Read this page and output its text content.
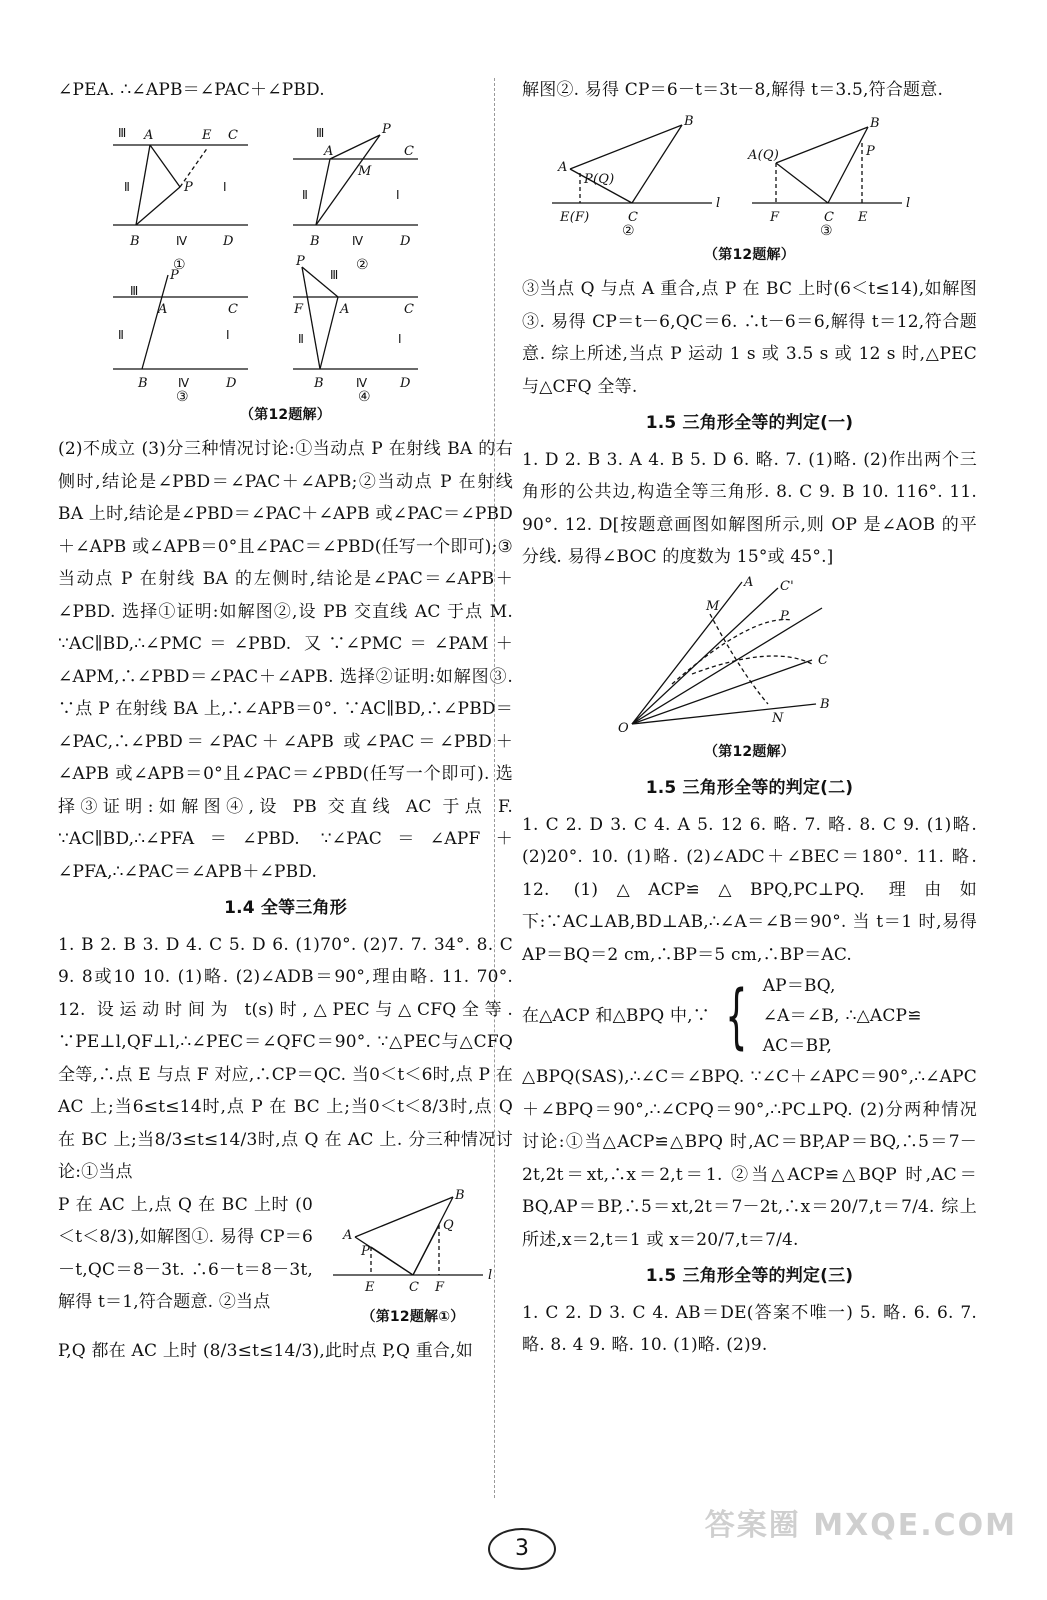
∠PEA. ∴∠APB＝∠PAC＋∠PBD.

Ⅲ A	E C
Ⅱ	P	Ⅰ
B	Ⅳ	D
①
Ⅲ	P
A	C
M
Ⅱ	Ⅰ
B	Ⅳ	D
②
Ⅲ
P
A	C
Ⅱ	Ⅰ
B	Ⅳ	D
P
Ⅲ
F	A	C
Ⅱ	Ⅰ
B	Ⅳ	D
③	④

（第12题解）

(2)不成立 (3)分三种情况讨论:①当动点 P 在射线 BA 的右侧时,结论是∠PBD＝∠PAC＋∠APB;②当动点 P 在射线 BA 上时,结论是∠PBD＝∠PAC＋∠APB 或∠PAC＝∠PBD＋∠APB 或∠APB＝0°且∠PAC＝∠PBD(任写一个即可);③当动点 P 在射线 BA 的左侧时,结论是∠PAC＝∠APB＋∠PBD. 选择①证明:如解图②,设 PB 交直线 AC 于点 M. ∵AC∥BD,∴∠PMC＝∠PBD. 又∵∠PMC＝∠PAM＋∠APM,∴∠PBD＝∠PAC＋∠APB. 选择②证明:如解图③. ∵点 P 在射线 BA 上,∴∠APB＝0°. ∵AC∥BD,∴∠PBD＝∠PAC,∴∠PBD＝∠PAC＋∠APB 或∠PAC＝∠PBD＋∠APB 或∠APB＝0°且∠PAC＝∠PBD(任写一个即可). 选择③证明:如解图④,设 PB 交直线 AC 于点 F. ∵AC∥BD,∴∠PFA＝∠PBD. ∵∠PAC＝∠APF＋∠PFA,∴∠PAC＝∠APB＋∠PBD.

1.4 全等三角形

1. B 2. B 3. D 4. C 5. D 6. (1)70°. (2)7. 7. 34°. 8. C 9. 8或10 10. (1)略. (2)∠ADB＝90°,理由略. 11. 70°. 12. 设运动时间为 t(s)时,△PEC与△CFQ全等. ∵PE⊥l,QF⊥l,∴∠PEC＝∠QFC＝90°. ∵△PEC与△CFQ全等,∴点 E 与点 F 对应,∴CP＝QC. 当0＜t＜6时,点 P 在 AC 上;当6≤t≤14时,点 P 在 BC 上;当0＜t＜8/3时,点 Q 在 BC 上;当8/3≤t≤14/3时,点 Q 在 AC 上. 分三种情况讨论:①当点

P 在 AC 上,点 Q 在 BC 上时 (0＜t＜8/3),如解图①. 易得 CP＝6－t,QC＝8－3t. ∴6－t＝8－3t,解得 t＝1,符合题意. ②当点

A
B
P
Q
E	C F
l

（第12题解①）

P,Q 都在 AC 上时 (8/3≤t≤14/3),此时点 P,Q 重合,如

解图②. 易得 CP＝6－t＝3t－8,解得 t＝3.5,符合题意.

A
B
P(Q)
E(F)	C
l
A(Q)
B
P
F	C E
l
②	③

（第12题解）

③当点 Q 与点 A 重合,点 P 在 BC 上时(6＜t≤14),如解图③. 易得 CP＝t－6,QC＝6. ∴t－6＝6,解得 t＝12,符合题意. 综上所述,当点 P 运动 1 s 或 3.5 s 或 12 s 时,△PEC 与△CFQ 全等.

1.5 三角形全等的判定(一)

1. D 2. B 3. A 4. B 5. D 6. 略. 7. (1)略. (2)作出两个三角形的公共边,构造全等三角形. 8. C 9. B 10. 116°. 11. 90°. 12. D[按题意画图如解图所示,则 OP 是∠AOB 的平分线. 易得∠BOC 的度数为 15°或 45°.]

A C'
M
P
C
B
N
O

（第12题解）

1.5 三角形全等的判定(二)

1. C 2. D 3. C 4. A 5. 12 6. 略. 7. 略. 8. C 9. (1)略. (2)20°. 10. (1)略. (2)∠ADC＋∠BEC＝180°. 11. 略. 12. (1)△ACP≌△BPQ,PC⊥PQ. 理由如下:∵AC⊥AB,BD⊥AB,∴∠A＝∠B＝90°. 当 t＝1 时,易得 AP＝BQ＝2 cm,∴BP＝5 cm,∴BP＝AC.

在△ACP 和△BPQ 中,∵ { AP＝BQ,
∠A＝∠B,
AC＝BP,
∴△ACP≌

△BPQ(SAS),∴∠C＝∠BPQ. ∵∠C＋∠APC＝90°,∴∠APC＋∠BPQ＝90°,∴∠CPQ＝90°,∴PC⊥PQ. (2)分两种情况讨论:①当△ACP≌△BPQ 时,AC＝BP,AP＝BQ,∴5＝7－2t,2t＝xt,∴x＝2,t＝1. ②当△ACP≌△BQP 时,AC＝BQ,AP＝BP,∴5＝xt,2t＝7－2t,∴x＝20/7,t＝7/4. 综上所述,x＝2,t＝1 或 x＝20/7,t＝7/4.

1.5 三角形全等的判定(三)

1. C 2. D 3. C 4. AB＝DE(答案不唯一) 5. 略. 6. 6. 7. 略. 8. 4 9. 略. 10. (1)略. (2)9.

3
答案圈 MXQE.COM
